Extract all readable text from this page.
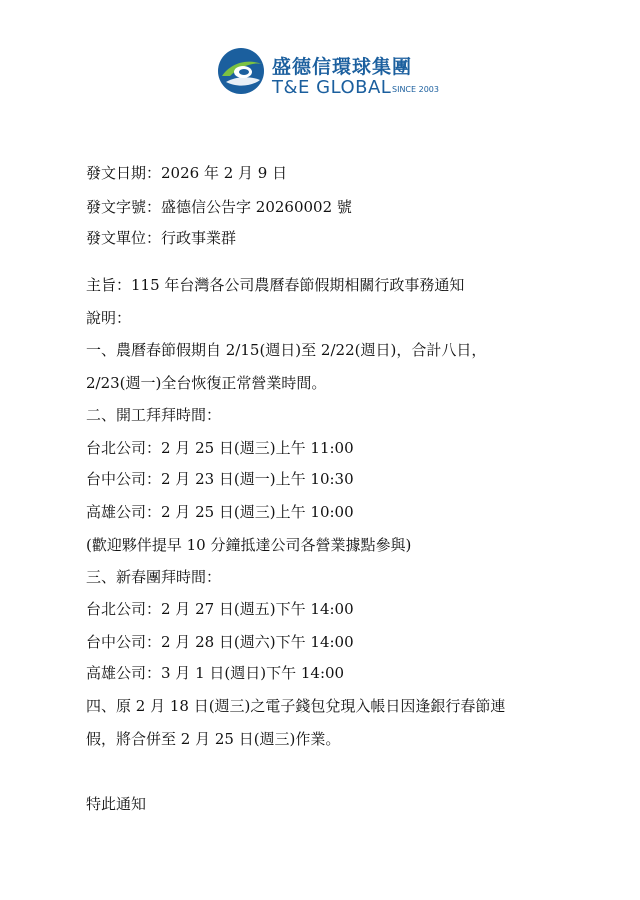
盛德信環球集團
T&E GLOBAL SINCE 2003
發文日期：2026 年 2 月 9 日
發文字號：盛德信公告字 20260002 號
發文單位：行政事業群
主旨：115 年台灣各公司農曆春節假期相關行政事務通知
說明：
一、農曆春節假期自 2/15(週日)至 2/22(週日)，合計八日，
2/23(週一)全台恢復正常營業時間。
二、開工拜拜時間：
台北公司：2 月 25 日(週三)上午 11:00
台中公司：2 月 23 日(週一)上午 10:30
高雄公司：2 月 25 日(週三)上午 10:00
(歡迎夥伴提早 10 分鐘抵達公司各營業據點參與)
三、新春團拜時間：
台北公司：2 月 27 日(週五)下午 14:00
台中公司：2 月 28 日(週六)下午 14:00
高雄公司：3 月 1 日(週日)下午 14:00
四、原 2 月 18 日(週三)之電子錢包兌現入帳日因逢銀行春節連
假，將合併至 2 月 25 日(週三)作業。
特此通知
